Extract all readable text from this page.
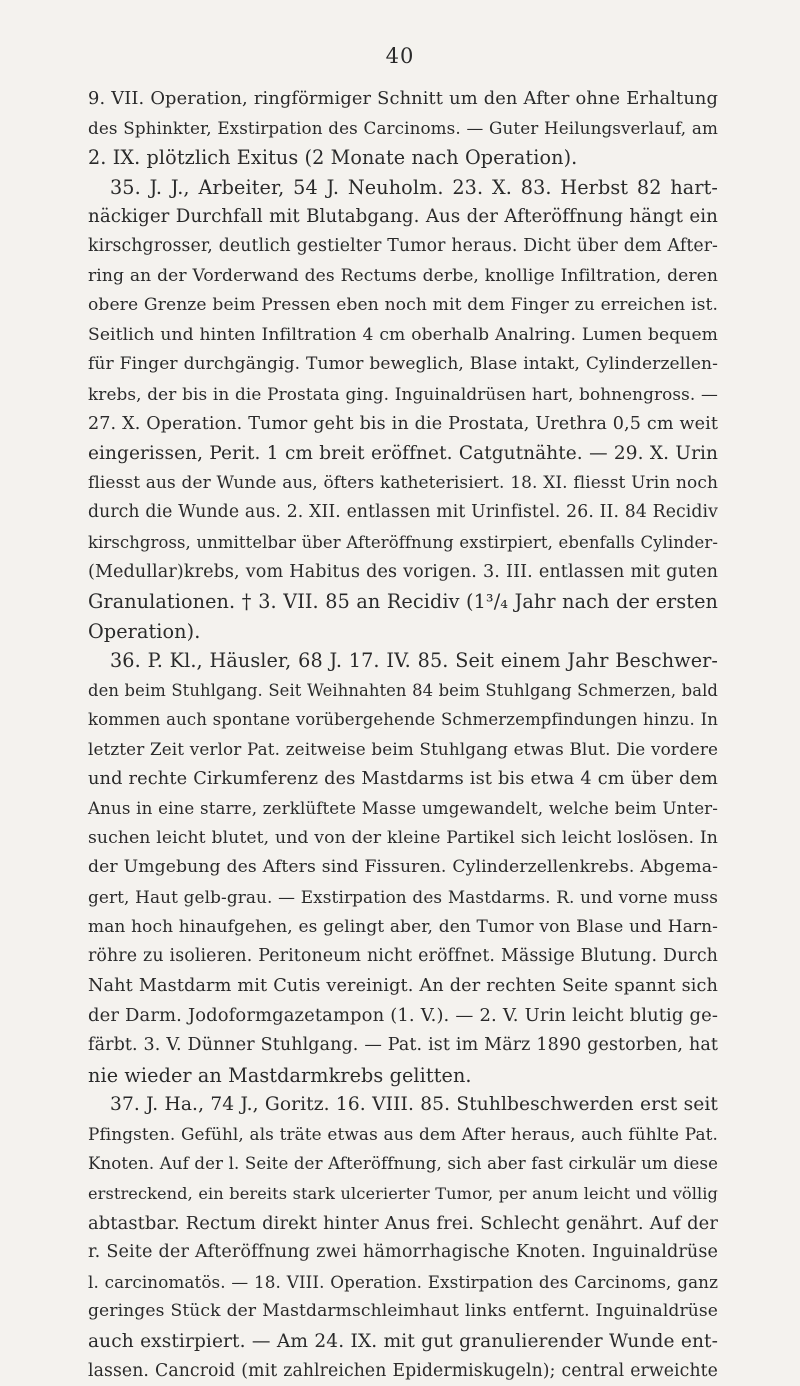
40
9. VII. Operation, ringförmiger Schnitt um den After ohne Erhaltung
des Sphinkter, Exstirpation des Carcinoms. — Guter Heilungsverlauf, am
2. IX. plötzlich Exitus (2 Monate nach Operation).
35. J. J., Arbeiter, 54 J. Neuholm. 23. X. 83. Herbst 82 hart-
näckiger Durchfall mit Blutabgang. Aus der Afteröffnung hängt ein
kirschgrosser, deutlich gestielter Tumor heraus. Dicht über dem After-
ring an der Vorderwand des Rectums derbe, knollige Infiltration, deren
obere Grenze beim Pressen eben noch mit dem Finger zu erreichen ist.
Seitlich und hinten Infiltration 4 cm oberhalb Analring. Lumen bequem
für Finger durchgängig. Tumor beweglich, Blase intakt, Cylinderzellen-
krebs, der bis in die Prostata ging. Inguinaldrüsen hart, bohnengross. —
27. X. Operation. Tumor geht bis in die Prostata, Urethra 0,5 cm weit
eingerissen, Perit. 1 cm breit eröffnet. Catgutnähte. — 29. X. Urin
fliesst aus der Wunde aus, öfters katheterisiert. 18. XI. fliesst Urin noch
durch die Wunde aus. 2. XII. entlassen mit Urinfistel. 26. II. 84 Recidiv
kirschgross, unmittelbar über Afteröffnung exstirpiert, ebenfalls Cylinder-
(Medullar)krebs, vom Habitus des vorigen. 3. III. entlassen mit guten
Granulationen. † 3. VII. 85 an Recidiv (1³/₄ Jahr nach der ersten
Operation).
36. P. Kl., Häusler, 68 J. 17. IV. 85. Seit einem Jahr Beschwer-
den beim Stuhlgang. Seit Weihnahten 84 beim Stuhlgang Schmerzen, bald
kommen auch spontane vorübergehende Schmerzempfindungen hinzu. In
letzter Zeit verlor Pat. zeitweise beim Stuhlgang etwas Blut. Die vordere
und rechte Cirkumferenz des Mastdarms ist bis etwa 4 cm über dem
Anus in eine starre, zerklüftete Masse umgewandelt, welche beim Unter-
suchen leicht blutet, und von der kleine Partikel sich leicht loslösen. In
der Umgebung des Afters sind Fissuren. Cylinderzellenkrebs. Abgema-
gert, Haut gelb-grau. — Exstirpation des Mastdarms. R. und vorne muss
man hoch hinaufgehen, es gelingt aber, den Tumor von Blase und Harn-
röhre zu isolieren. Peritoneum nicht eröffnet. Mässige Blutung. Durch
Naht Mastdarm mit Cutis vereinigt. An der rechten Seite spannt sich
der Darm. Jodoformgazetampon (1. V.). — 2. V. Urin leicht blutig ge-
färbt. 3. V. Dünner Stuhlgang. — Pat. ist im März 1890 gestorben, hat
nie wieder an Mastdarmkrebs gelitten.
37. J. Ha., 74 J., Goritz. 16. VIII. 85. Stuhlbeschwerden erst seit
Pfingsten. Gefühl, als träte etwas aus dem After heraus, auch fühlte Pat.
Knoten. Auf der l. Seite der Afteröffnung, sich aber fast cirkulär um diese
erstreckend, ein bereits stark ulcerierter Tumor, per anum leicht und völlig
abtastbar. Rectum direkt hinter Anus frei. Schlecht genährt. Auf der
r. Seite der Afteröffnung zwei hämorrhagische Knoten. Inguinaldrüse
l. carcinomatös. — 18. VIII. Operation. Exstirpation des Carcinoms, ganz
geringes Stück der Mastdarmschleimhaut links entfernt. Inguinaldrüse
auch exstirpiert. — Am 24. IX. mit gut granulierender Wunde ent-
lassen. Cancroid (mit zahlreichen Epidermiskugeln); central erweichte
